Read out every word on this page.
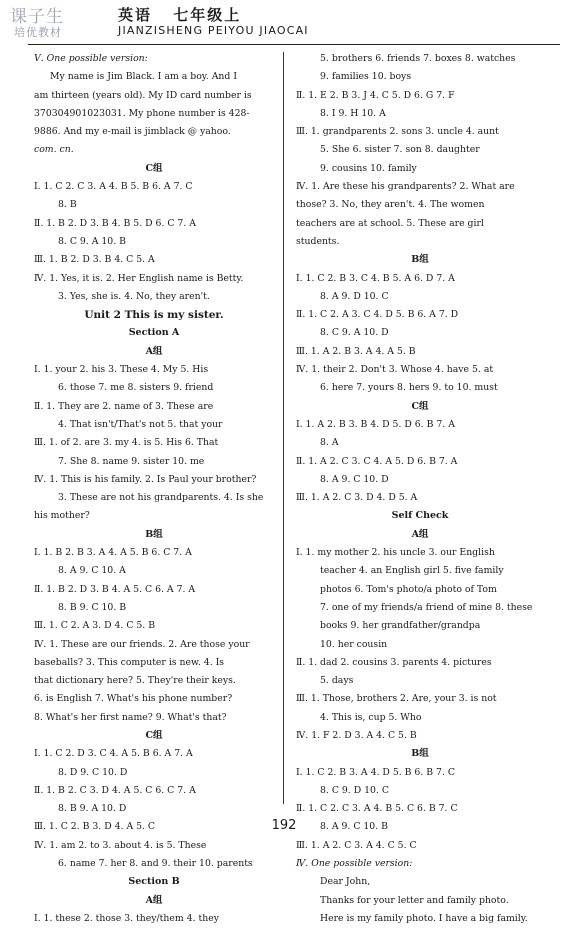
课子生
培优教材
英语 七年级上
JIANZISHENG PEIYOU JIAOCAI
Ⅴ. One possible version:
My name is Jim Black. I am a boy. And I
am thirteen (years old). My ID card number is
370304901023031. My phone number is 428-
9886. And my e-mail is jimblack @ yahoo.
com. cn.
C组
Ⅰ. 1. C 2. C 3. A 4. B 5. B 6. A 7. C
8. B
Ⅱ. 1. B 2. D 3. B 4. B 5. D 6. C 7. A
8. C 9. A 10. B
Ⅲ. 1. B 2. D 3. B 4. C 5. A
Ⅳ. 1. Yes, it is. 2. Her English name is Betty.
3. Yes, she is. 4. No, they aren't.
Unit 2 This is my sister.
Section A
A组
Ⅰ. 1. your 2. his 3. These 4. My 5. His
6. those 7. me 8. sisters 9. friend
Ⅱ. 1. They are 2. name of 3. These are
4. That isn't/That's not 5. that your
Ⅲ. 1. of 2. are 3. my 4. is 5. His 6. That
7. She 8. name 9. sister 10. me
Ⅳ. 1. This is his family. 2. Is Paul your brother?
3. These are not his grandparents. 4. Is she
his mother?
B组
Ⅰ. 1. B 2. B 3. A 4. A 5. B 6. C 7. A
8. A 9. C 10. A
Ⅱ. 1. B 2. D 3. B 4. A 5. C 6. A 7. A
8. B 9. C 10. B
Ⅲ. 1. C 2. A 3. D 4. C 5. B
Ⅳ. 1. These are our friends. 2. Are those your
baseballs? 3. This computer is new. 4. Is
that dictionary here? 5. They're their keys.
6. is English 7. What's his phone number?
8. What's her first name? 9. What's that?
C组
Ⅰ. 1. C 2. D 3. C 4. A 5. B 6. A 7. A
8. D 9. C 10. D
Ⅱ. 1. B 2. C 3. D 4. A 5. C 6. C 7. A
8. B 9. A 10. D
Ⅲ. 1. C 2. B 3. D 4. A 5. C
Ⅳ. 1. am 2. to 3. about 4. is 5. These
6. name 7. her 8. and 9. their 10. parents
Section B
A组
Ⅰ. 1. these 2. those 3. they/them 4. they
5. brothers 6. friends 7. boxes 8. watches
9. families 10. boys
Ⅱ. 1. E 2. B 3. J 4. C 5. D 6. G 7. F
8. I 9. H 10. A
Ⅲ. 1. grandparents 2. sons 3. uncle 4. aunt
5. She 6. sister 7. son 8. daughter
9. cousins 10. family
Ⅳ. 1. Are these his grandparents? 2. What are
those? 3. No, they aren't. 4. The women
teachers are at school. 5. These are girl
students.
B组
Ⅰ. 1. C 2. B 3. C 4. B 5. A 6. D 7. A
8. A 9. D 10. C
Ⅱ. 1. C 2. A 3. C 4. D 5. B 6. A 7. D
8. C 9. A 10. D
Ⅲ. 1. A 2. B 3. A 4. A 5. B
Ⅳ. 1. their 2. Don't 3. Whose 4. have 5. at
6. here 7. yours 8. hers 9. to 10. must
C组
Ⅰ. 1. A 2. B 3. B 4. D 5. D 6. B 7. A
8. A
Ⅱ. 1. A 2. C 3. C 4. A 5. D 6. B 7. A
8. A 9. C 10. D
Ⅲ. 1. A 2. C 3. D 4. D 5. A
Self Check
A组
Ⅰ. 1. my mother 2. his uncle 3. our English
teacher 4. an English girl 5. five family
photos 6. Tom's photo/a photo of Tom
7. one of my friends/a friend of mine 8. these
books 9. her grandfather/grandpa
10. her cousin
Ⅱ. 1. dad 2. cousins 3. parents 4. pictures
5. days
Ⅲ. 1. Those, brothers 2. Are, your 3. is not
4. This is, cup 5. Who
Ⅳ. 1. F 2. D 3. A 4. C 5. B
B组
Ⅰ. 1. C 2. B 3. A 4. D 5. B 6. B 7. C
8. C 9. D 10. C
Ⅱ. 1. C 2. C 3. A 4. B 5. C 6. B 7. C
8. A 9. C 10. B
Ⅲ. 1. A 2. C 3. A 4. C 5. C
Ⅳ. One possible version:
Dear John,
Thanks for your letter and family photo.
Here is my family photo. I have a big family.
192
